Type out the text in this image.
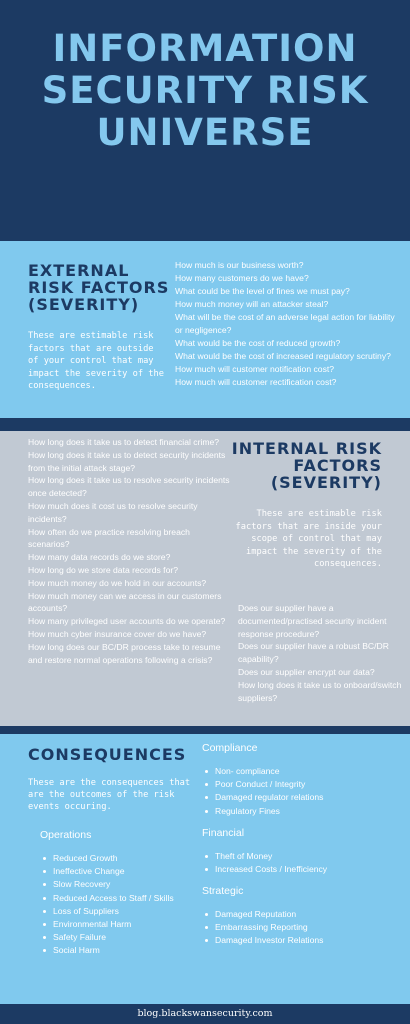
INFORMATION
SECURITY RISK
UNIVERSE
EXTERNAL
RISK FACTORS
(SEVERITY)

These are estimable risk factors that are outside of your control that may impact the severity of the consequences.

How much is our business worth?
How many customers do we have?
What could be the level of fines we must pay?
How much money will an attacker steal?
What will be the cost of an adverse legal action for liability or negligence?
What would be the cost of reduced growth?
What would be the cost of increased regulatory scrutiny?
How much will customer notification cost?
How much will customer rectification cost?
INTERNAL RISK
FACTORS
(SEVERITY)

These are estimable risk factors that are inside your scope of control that may impact the severity of the consequences.

How long does it take us to detect financial crime?
How long does it take us to detect security incidents from the initial attack stage?
How long does it take us to resolve security incidents once detected?
How much does it cost us to resolve security incidents?
How often do we practice resolving breach scenarios?
How many data records do we store?
How long do we store data records for?
How much money do we hold in our accounts?
How much money can we access in our customers accounts?
How many privileged user accounts do we operate?
How much cyber insurance cover do we have?
How long does our BC/DR process take to resume and restore normal operations following a crisis?
Does our supplier have a documented/practised security incident response procedure?
Does our supplier have a robust BC/DR capability?
Does our supplier encrypt our data?
How long does it take us to onboard/switch suppliers?
CONSEQUENCES

These are the consequences that are the outcomes of the risk events occuring.

Operations
Reduced Growth
Ineffective Change
Slow Recovery
Reduced Access to Staff / Skills
Loss of Suppliers
Environmental Harm
Safety Failure
Social Harm
Compliance
Non- compliance
Poor Conduct / Integrity
Damaged regulator relations
Regulatory Fines
Financial
Theft of Money
Increased Costs / Inefficiency
Strategic
Damaged Reputation
Embarrassing Reporting
Damaged Investor Relations
blog.blackswansecurity.com
